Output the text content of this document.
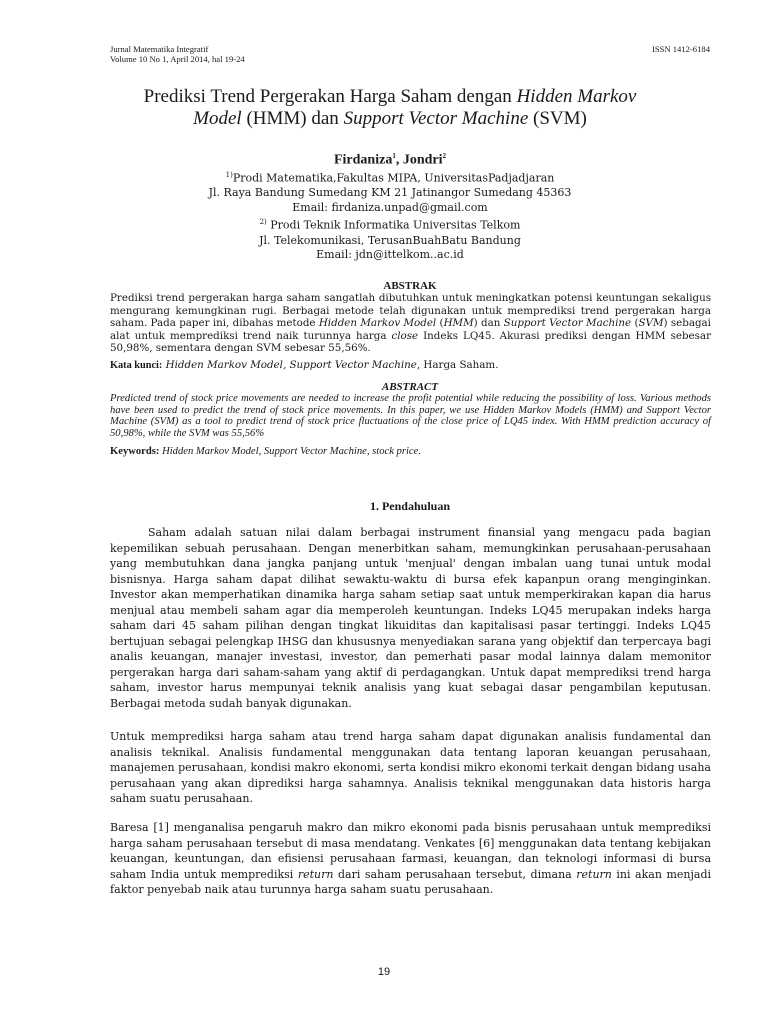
Jurnal Matematika Integratif
Volume 10 No 1, April 2014, hal 19-24
ISSN 1412-6184
Prediksi Trend Pergerakan Harga Saham dengan Hidden Markov
Model (HMM) dan Support Vector Machine (SVM)
Firdaniza$^1$, Jondri$^2$
$^{1)}$Prodi Matematika,Fakultas MIPA, UniversitasPadjadjaran
Jl. Raya Bandung Sumedang KM 21 Jatinangor Sumedang 45363
Email: firdaniza.unpad@gmail.com
$^{2)}$ Prodi Teknik Informatika Universitas Telkom
Jl. Telekomunikasi, TerusanBuahBatu Bandung
Email: jdn@ittelkom..ac.id
ABSTRAK
Prediksi trend pergerakan harga saham sangatlah dibutuhkan untuk meningkatkan potensi keuntungan sekaligus mengurang kemungkinan rugi. Berbagai metode telah digunakan untuk memprediksi trend pergerakan harga saham. Pada paper ini, dibahas metode Hidden Markov Model (HMM) dan Support Vector Machine (SVM) sebagai alat untuk memprediksi trend naik turunnya harga close Indeks LQ45. Akurasi prediksi dengan HMM sebesar 50,98%, sementara dengan SVM sebesar 55,56%.
Kata kunci: Hidden Markov Model, Support Vector Machine, Harga Saham.
ABSTRACT
Predicted trend of stock price movements are needed to increase the profit potential while reducing the possibility of loss. Various methods have been used to predict the trend of stock price movements. In this paper, we use Hidden Markov Models (HMM) and Support Vector Machine (SVM) as a tool to predict trend of stock price fluctuations of the close price of LQ45 index. With HMM prediction accuracy of 50,98%, while the SVM was 55,56%
Keywords: Hidden Markov Model, Support Vector Machine, stock price.
1. Pendahuluan
Saham adalah satuan nilai dalam berbagai instrument finansial yang mengacu pada bagian kepemilikan sebuah perusahaan. Dengan menerbitkan saham, memungkinkan perusahaan-perusahaan yang membutuhkan dana jangka panjang untuk 'menjual' dengan imbalan uang tunai untuk modal bisnisnya. Harga saham dapat dilihat sewaktu-waktu di bursa efek kapanpun orang menginginkan. Investor akan memperhatikan dinamika harga saham setiap saat untuk memperkirakan kapan dia harus menjual atau membeli saham agar dia memperoleh keuntungan. Indeks LQ45 merupakan indeks harga saham dari 45 saham pilihan dengan tingkat likuiditas dan kapitalisasi pasar tertinggi. Indeks LQ45 bertujuan sebagai pelengkap IHSG dan khususnya menyediakan sarana yang objektif dan terpercaya bagi analis keuangan, manajer investasi, investor, dan pemerhati pasar modal lainnya dalam memonitor pergerakan harga dari saham-saham yang aktif di perdagangkan. Untuk dapat memprediksi trend harga saham, investor harus mempunyai teknik analisis yang kuat sebagai dasar pengambilan keputusan. Berbagai metoda sudah banyak digunakan.
Untuk memprediksi harga saham atau trend harga saham dapat digunakan analisis fundamental dan analisis teknikal. Analisis fundamental menggunakan data tentang laporan keuangan perusahaan, manajemen perusahaan, kondisi makro ekonomi, serta kondisi mikro ekonomi terkait dengan bidang usaha perusahaan yang akan diprediksi harga sahamnya. Analisis teknikal menggunakan data historis harga saham suatu perusahaan.
Baresa [1] menganalisa pengaruh makro dan mikro ekonomi pada bisnis perusahaan untuk memprediksi harga saham perusahaan tersebut di masa mendatang. Venkates [6] menggunakan data tentang kebijakan keuangan, keuntungan, dan efisiensi perusahaan farmasi, keuangan, dan teknologi informasi di bursa saham India untuk memprediksi return dari saham perusahaan tersebut, dimana return ini akan menjadi faktor penyebab naik atau turunnya harga saham suatu perusahaan.
19
